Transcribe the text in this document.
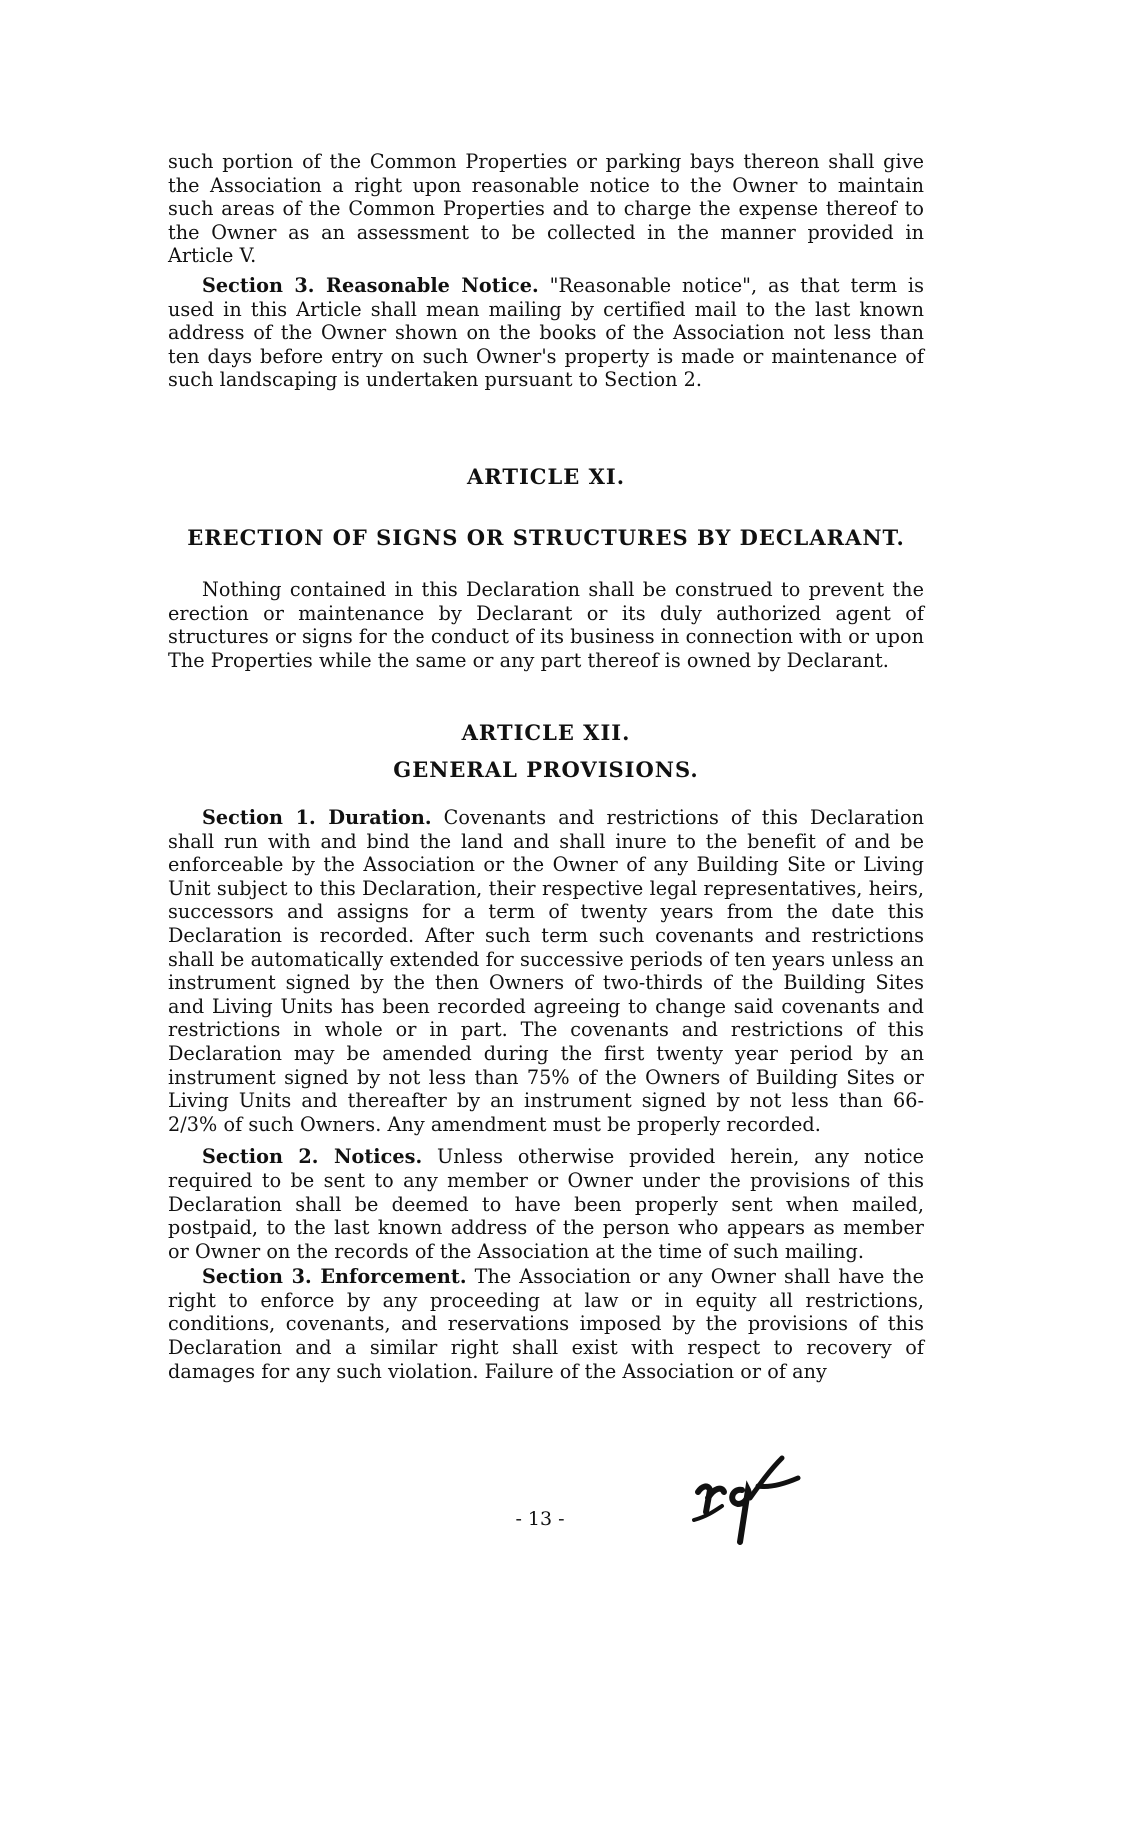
such portion of the Common Properties or parking bays thereon shall give the Association a right upon reasonable notice to the Owner to maintain such areas of the Common Properties and to charge the expense thereof to the Owner as an assessment to be collected in the manner provided in Article V.

Section 3. Reasonable Notice. "Reasonable notice", as that term is used in this Article shall mean mailing by certified mail to the last known address of the Owner shown on the books of the Association not less than ten days before entry on such Owner's property is made or maintenance of such landscaping is undertaken pursuant to Section 2.

ARTICLE XI.
ERECTION OF SIGNS OR STRUCTURES BY DECLARANT.

Nothing contained in this Declaration shall be construed to prevent the erection or maintenance by Declarant or its duly authorized agent of structures or signs for the conduct of its business in connection with or upon The Properties while the same or any part thereof is owned by Declarant.

ARTICLE XII.
GENERAL PROVISIONS.

Section 1. Duration. Covenants and restrictions of this Declaration shall run with and bind the land and shall inure to the benefit of and be enforceable by the Association or the Owner of any Building Site or Living Unit subject to this Declaration, their respective legal representatives, heirs, successors and assigns for a term of twenty years from the date this Declaration is recorded. After such term such covenants and restrictions shall be automatically extended for successive periods of ten years unless an instrument signed by the then Owners of two-thirds of the Building Sites and Living Units has been recorded agreeing to change said covenants and restrictions in whole or in part. The covenants and restrictions of this Declaration may be amended during the first twenty year period by an instrument signed by not less than 75% of the Owners of Building Sites or Living Units and thereafter by an instrument signed by not less than 66-2/3% of such Owners. Any amendment must be properly recorded.

Section 2. Notices. Unless otherwise provided herein, any notice required to be sent to any member or Owner under the provisions of this Declaration shall be deemed to have been properly sent when mailed, postpaid, to the last known address of the person who appears as member or Owner on the records of the Association at the time of such mailing.

Section 3. Enforcement. The Association or any Owner shall have the right to enforce by any proceeding at law or in equity all restrictions, conditions, covenants, and reservations imposed by the provisions of this Declaration and a similar right shall exist with respect to recovery of damages for any such violation. Failure of the Association or of any

- 13 -
